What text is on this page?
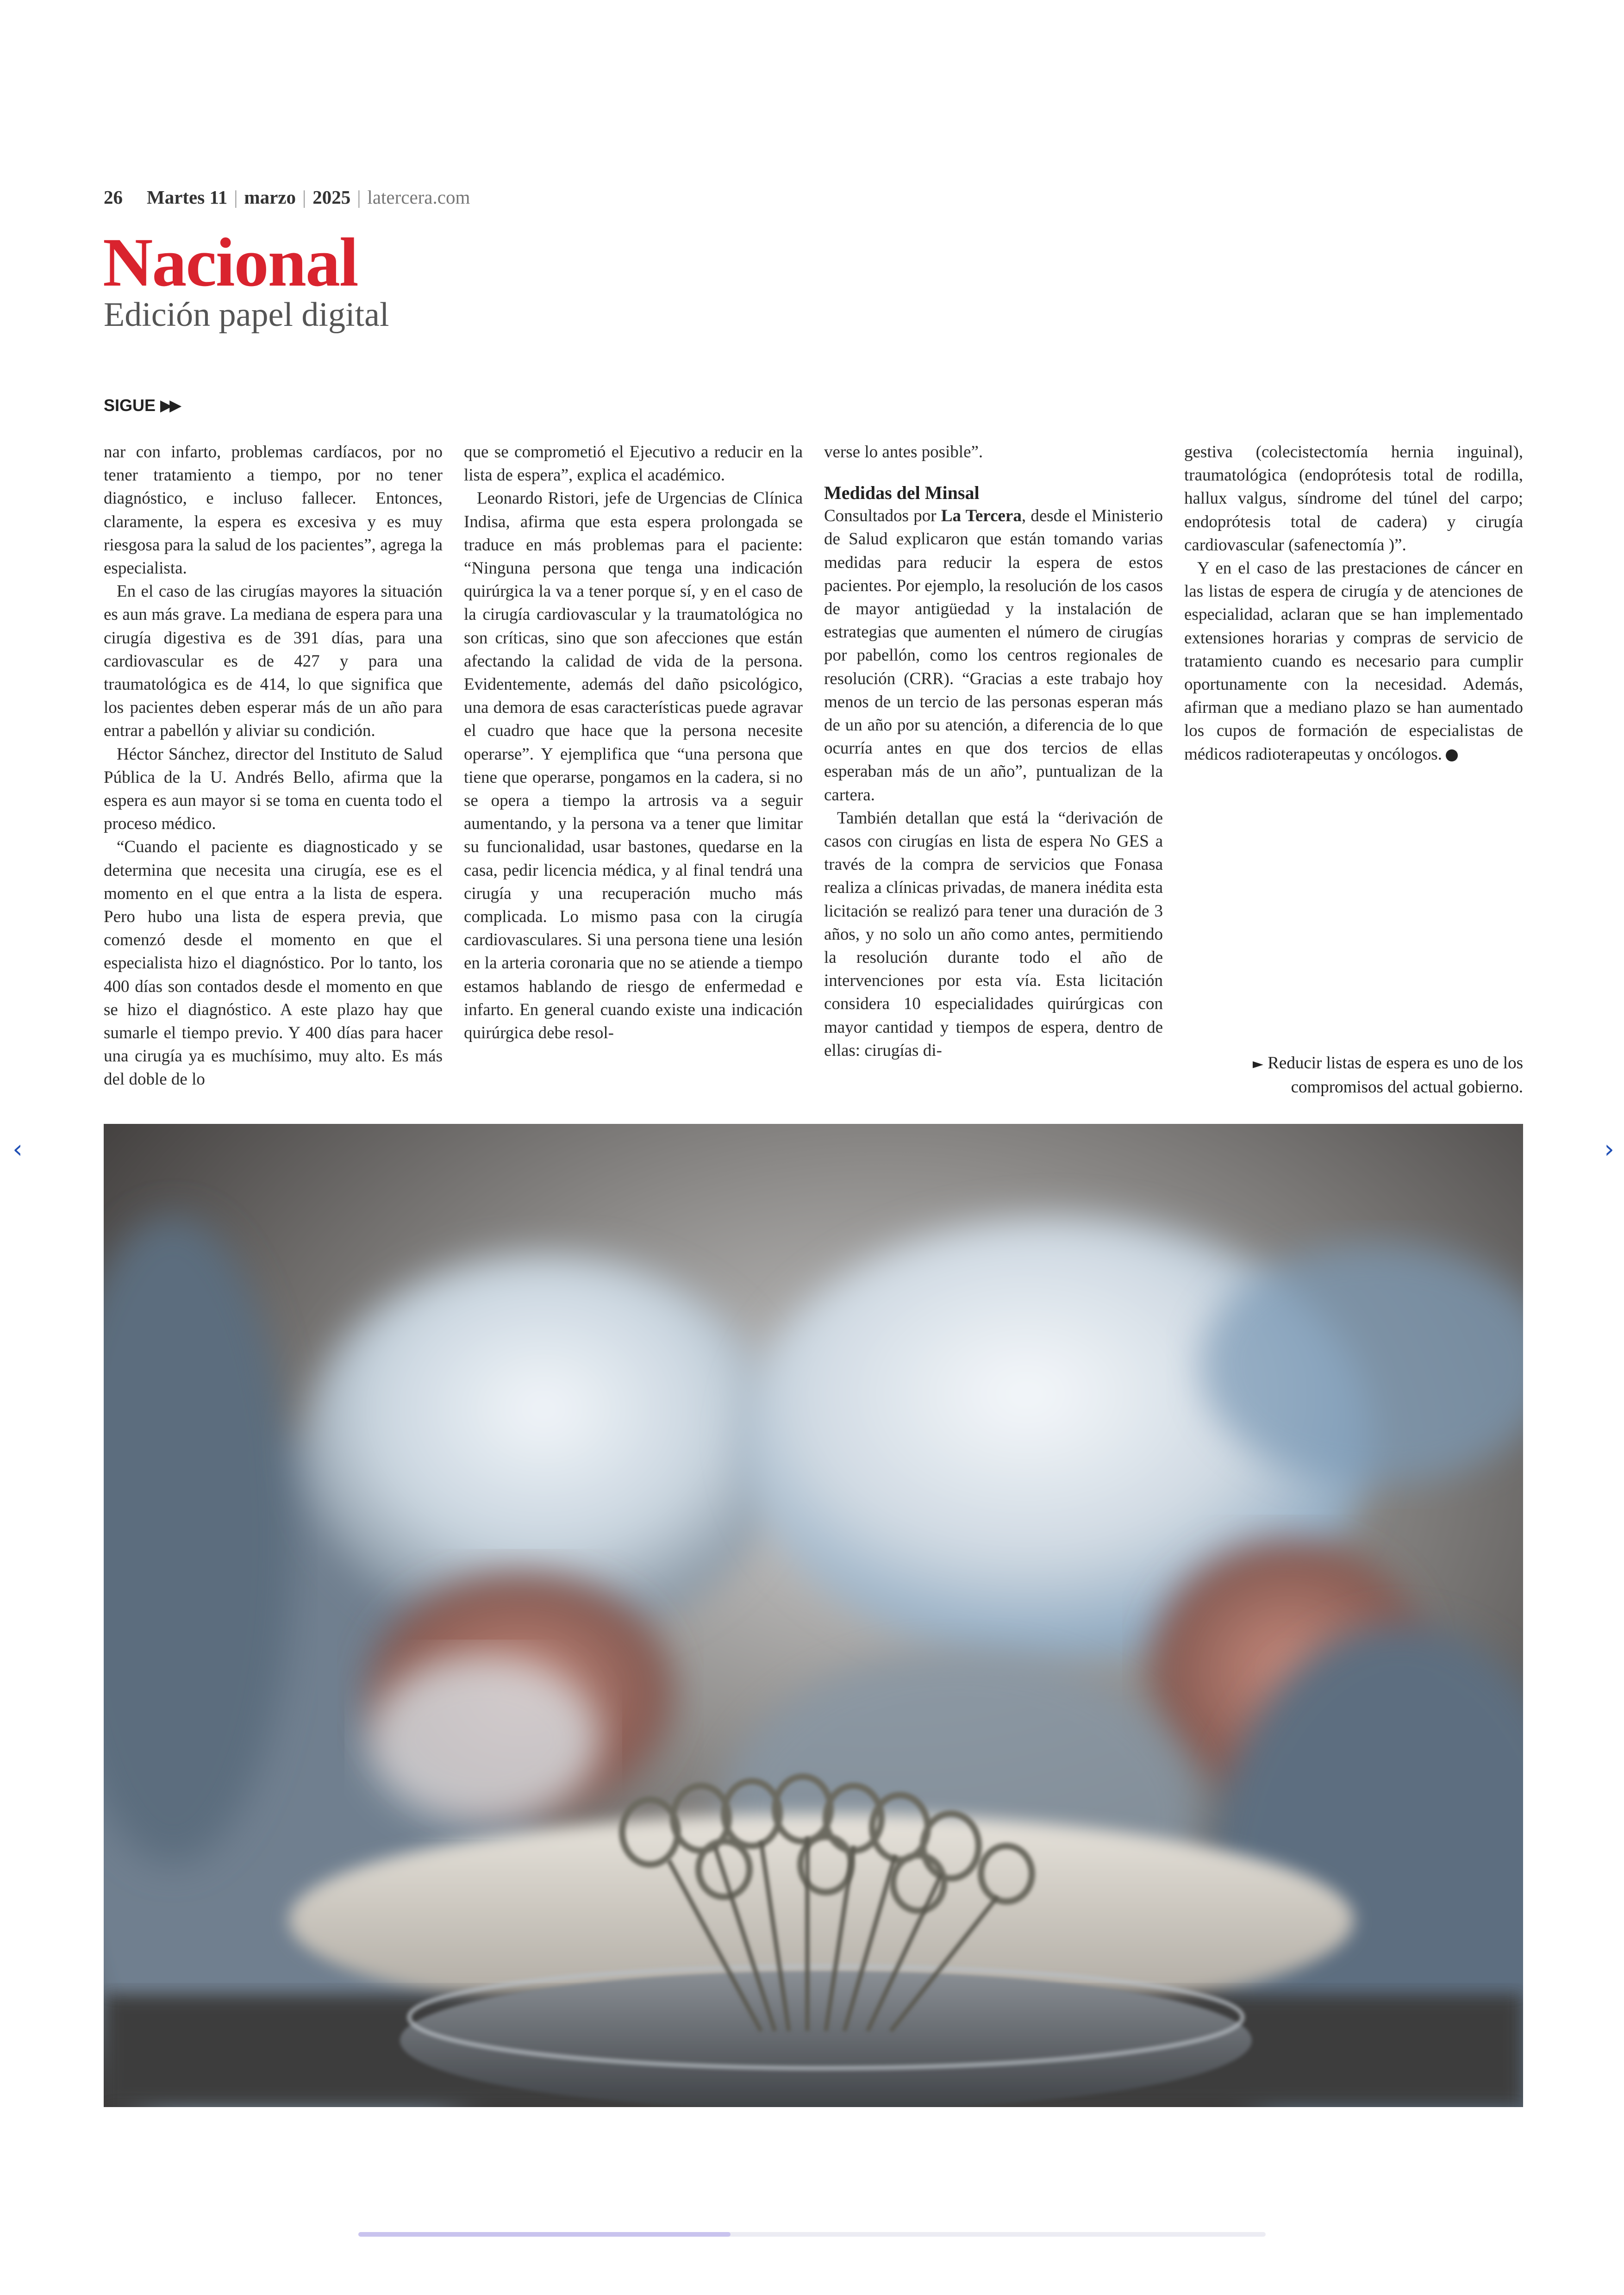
26 Martes 11 | marzo | 2025 | latercera.com
Nacional
Edición papel digital
SIGUE ▶▶

nar con infarto, problemas cardíacos, por no tener tratamiento a tiempo, por no tener diagnóstico, e incluso fallecer. Entonces, claramente, la espera es excesiva y es muy riesgosa para la salud de los pacientes”, agrega la especialista.

En el caso de las cirugías mayores la situación es aun más grave. La mediana de espera para una cirugía digestiva es de 391 días, para una cardiovascular es de 427 y para una traumatológica es de 414, lo que significa que los pacientes deben esperar más de un año para entrar a pabellón y aliviar su condición.

Héctor Sánchez, director del Instituto de Salud Pública de la U. Andrés Bello, afirma que la espera es aun mayor si se toma en cuenta todo el proceso médico.

“Cuando el paciente es diagnosticado y se determina que necesita una cirugía, ese es el momento en el que entra a la lista de espera. Pero hubo una lista de espera previa, que comenzó desde el momento en que el especialista hizo el diagnóstico. Por lo tanto, los 400 días son contados desde el momento en que se hizo el diagnóstico. A este plazo hay que sumarle el tiempo previo. Y 400 días para hacer una cirugía ya es muchísimo, muy alto. Es más del doble de lo

que se comprometió el Ejecutivo a reducir en la lista de espera”, explica el académico.

Leonardo Ristori, jefe de Urgencias de Clínica Indisa, afirma que esta espera prolongada se traduce en más problemas para el paciente: “Ninguna persona que tenga una indicación quirúrgica la va a tener porque sí, y en el caso de la cirugía cardiovascular y la traumatológica no son críticas, sino que son afecciones que están afectando la calidad de vida de la persona. Evidentemente, además del daño psicológico, una demora de esas características puede agravar el cuadro que hace que la persona necesite operarse”. Y ejemplifica que “una persona que tiene que operarse, pongamos en la cadera, si no se opera a tiempo la artrosis va a seguir aumentando, y la persona va a tener que limitar su funcionalidad, usar bastones, quedarse en la casa, pedir licencia médica, y al final tendrá una cirugía y una recuperación mucho más complicada. Lo mismo pasa con la cirugía cardiovasculares. Si una persona tiene una lesión en la arteria coronaria que no se atiende a tiempo estamos hablando de riesgo de enfermedad e infarto. En general cuando existe una indicación quirúrgica debe resol-

verse lo antes posible”.

Medidas del Minsal

Consultados por La Tercera, desde el Ministerio de Salud explicaron que están tomando varias medidas para reducir la espera de estos pacientes. Por ejemplo, la resolución de los casos de mayor antigüedad y la instalación de estrategias que aumenten el número de cirugías por pabellón, como los centros regionales de resolución (CRR). “Gracias a este trabajo hoy menos de un tercio de las personas esperan más de un año por su atención, a diferencia de lo que ocurría antes en que dos tercios de ellas esperaban más de un año”, puntualizan de la cartera.

También detallan que está la “derivación de casos con cirugías en lista de espera No GES a través de la compra de servicios que Fonasa realiza a clínicas privadas, de manera inédita esta licitación se realizó para tener una duración de 3 años, y no solo un año como antes, permitiendo la resolución durante todo el año de intervenciones por esta vía. Esta licitación considera 10 especialidades quirúrgicas con mayor cantidad y tiempos de espera, dentro de ellas: cirugías di-

gestiva (colecistectomía hernia inguinal), traumatológica (endoprótesis total de rodilla, hallux valgus, síndrome del túnel del carpo; endoprótesis total de cadera) y cirugía cardiovascular (safenectomía )”.

Y en el caso de las prestaciones de cáncer en las listas de espera de cirugía y de atenciones de especialidad, aclaran que se han implementado extensiones horarias y compras de servicio de tratamiento cuando es necesario para cumplir oportunamente con la necesidad. Además, afirman que a mediano plazo se han aumentado los cupos de formación de especialistas de médicos radioterapeutas y oncólogos.

► Reducir listas de espera es uno de los compromisos del actual gobierno.
‹	›
